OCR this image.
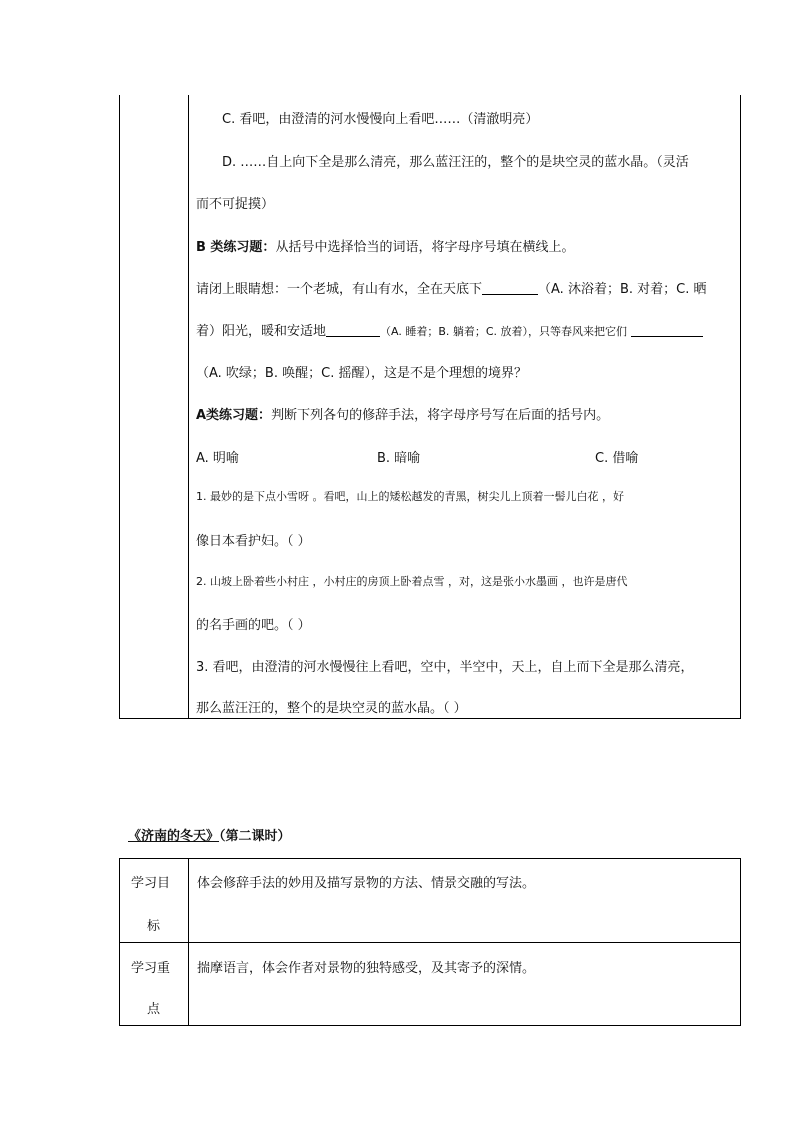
C. 看吧，由澄清的河水慢慢向上看吧……（清澈明亮）
D. ……自上向下全是那么清亮，那么蓝汪汪的，整个的是块空灵的蓝水晶。（灵活
而不可捉摸）
B 类练习题：从括号中选择恰当的词语，将字母序号填在横线上。
请闭上眼睛想：一个老城，有山有水，全在天底下	（A. 沐浴着；B. 对着；C. 晒
着）阳光，暖和安适地	（A. 睡着；B. 躺着；C. 放着），只等春风来把它们
（A. 吹绿；B. 唤醒；C. 摇醒），这是不是个理想的境界？
A类练习题：判断下列各句的修辞手法，将字母序号写在后面的括号内。
A. 明喻	B. 暗喻	C. 借喻
1. 最妙的是下点小雪呀 。看吧，山上的矮松越发的青黑，树尖儿上顶着一髻儿白花 ，好
像日本看护妇。（ ）
2. 山坡上卧着些小村庄 ，小村庄的房顶上卧着点雪 ，对，这是张小水墨画 ，也许是唐代
的名手画的吧。（ ）
3. 看吧，由澄清的河水慢慢往上看吧，空中，半空中，天上，自上而下全是那么清亮，
那么蓝汪汪的，整个的是块空灵的蓝水晶。（ ）
《济南的冬天》（第二课时）
学习目
标
体会修辞手法的妙用及描写景物的方法、情景交融的写法。
学习重
点
揣摩语言，体会作者对景物的独特感受，及其寄予的深情。
